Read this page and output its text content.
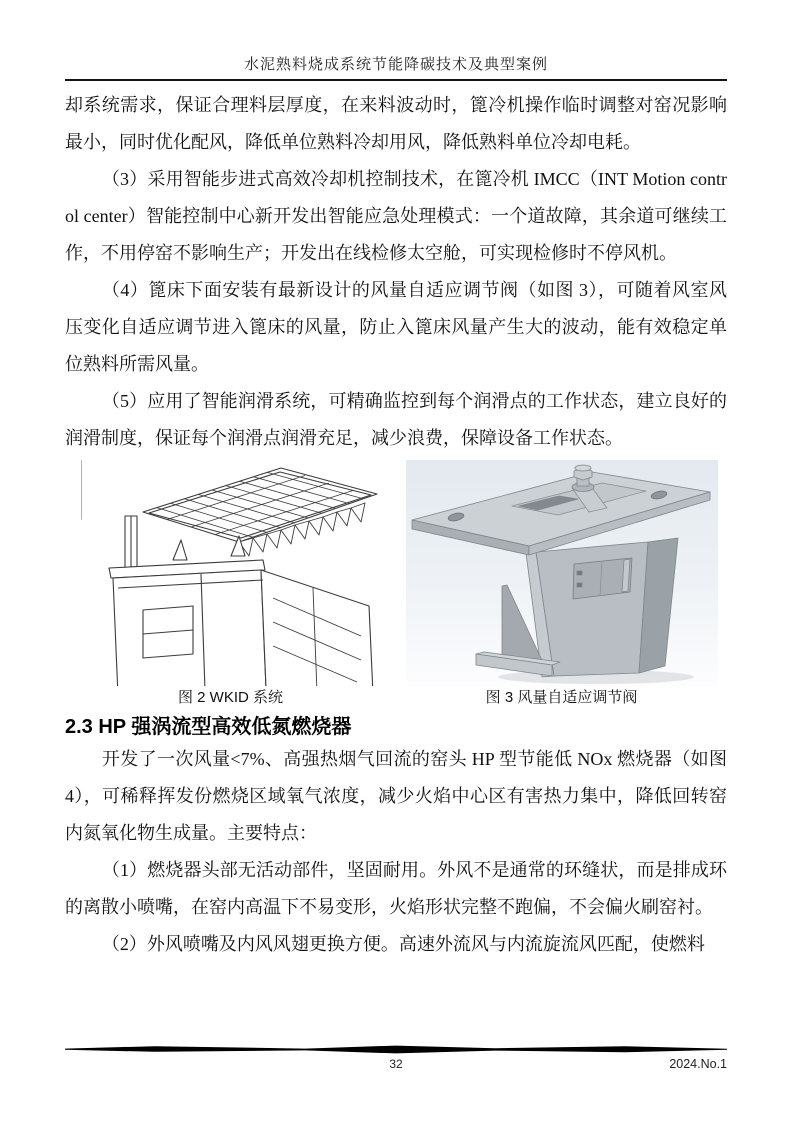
水泥熟料烧成系统节能降碳技术及典型案例

却系统需求，保证合理料层厚度，在来料波动时，篦冷机操作临时调整对窑况影响最小，同时优化配风，降低单位熟料冷却用风，降低熟料单位冷却电耗。

（3）采用智能步进式高效冷却机控制技术，在篦冷机 IMCC（INT Motion control center）智能控制中心新开发出智能应急处理模式：一个道故障，其余道可继续工作，不用停窑不影响生产；开发出在线检修太空舱，可实现检修时不停风机。

（4）篦床下面安装有最新设计的风量自适应调节阀（如图 3），可随着风室风压变化自适应调节进入篦床的风量，防止入篦床风量产生大的波动，能有效稳定单位熟料所需风量。

（5）应用了智能润滑系统，可精确监控到每个润滑点的工作状态，建立良好的润滑制度，保证每个润滑点润滑充足，减少浪费，保障设备工作状态。

图 2 WKID 系统	图 3 风量自适应调节阀
2.3 HP 强涡流型高效低氮燃烧器

开发了一次风量<7%、高强热烟气回流的窑头 HP 型节能低 NOx 燃烧器（如图 4），可稀释挥发份燃烧区域氧气浓度，减少火焰中心区有害热力集中，降低回转窑内氮氧化物生成量。主要特点：

（1）燃烧器头部无活动部件，坚固耐用。外风不是通常的环缝状，而是排成环的离散小喷嘴，在窑内高温下不易变形，火焰形状完整不跑偏，不会偏火刷窑衬。

（2）外风喷嘴及内风风翅更换方便。高速外流风与内流旋流风匹配，使燃料

32	2024.No.1
